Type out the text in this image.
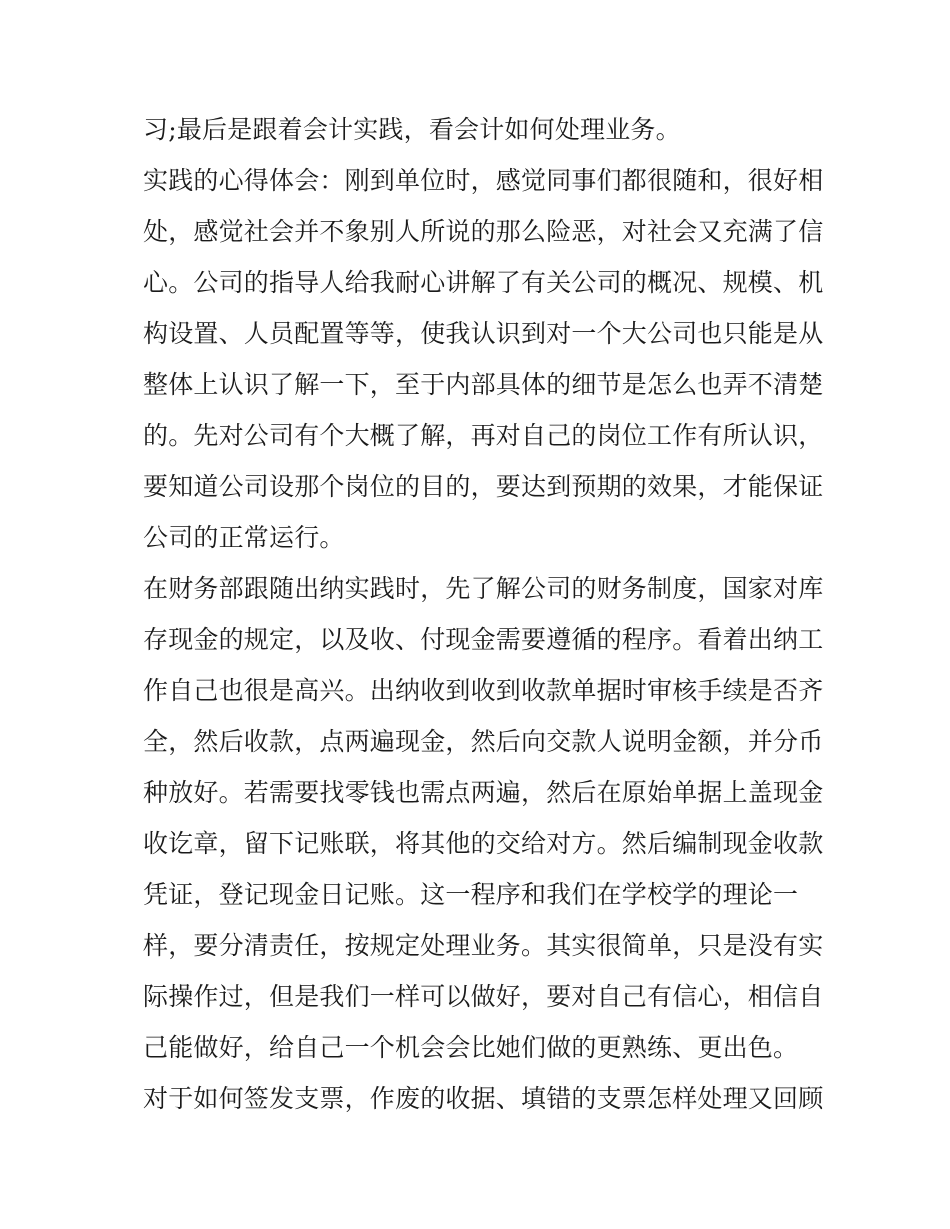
习;最后是跟着会计实践，看会计如何处理业务。
实践的心得体会：刚到单位时，感觉同事们都很随和，很好相
处，感觉社会并不象别人所说的那么险恶，对社会又充满了信
心。公司的指导人给我耐心讲解了有关公司的概况、规模、机
构设置、人员配置等等，使我认识到对一个大公司也只能是从
整体上认识了解一下，至于内部具体的细节是怎么也弄不清楚
的。先对公司有个大概了解，再对自己的岗位工作有所认识，
要知道公司设那个岗位的目的，要达到预期的效果，才能保证
公司的正常运行。
在财务部跟随出纳实践时，先了解公司的财务制度，国家对库
存现金的规定，以及收、付现金需要遵循的程序。看着出纳工
作自己也很是高兴。出纳收到收到收款单据时审核手续是否齐
全，然后收款，点两遍现金，然后向交款人说明金额，并分币
种放好。若需要找零钱也需点两遍，然后在原始单据上盖现金
收讫章，留下记账联，将其他的交给对方。然后编制现金收款
凭证，登记现金日记账。这一程序和我们在学校学的理论一
样，要分清责任，按规定处理业务。其实很简单，只是没有实
际操作过，但是我们一样可以做好，要对自己有信心，相信自
己能做好，给自己一个机会会比她们做的更熟练、更出色。
对于如何签发支票，作废的收据、填错的支票怎样处理又回顾
